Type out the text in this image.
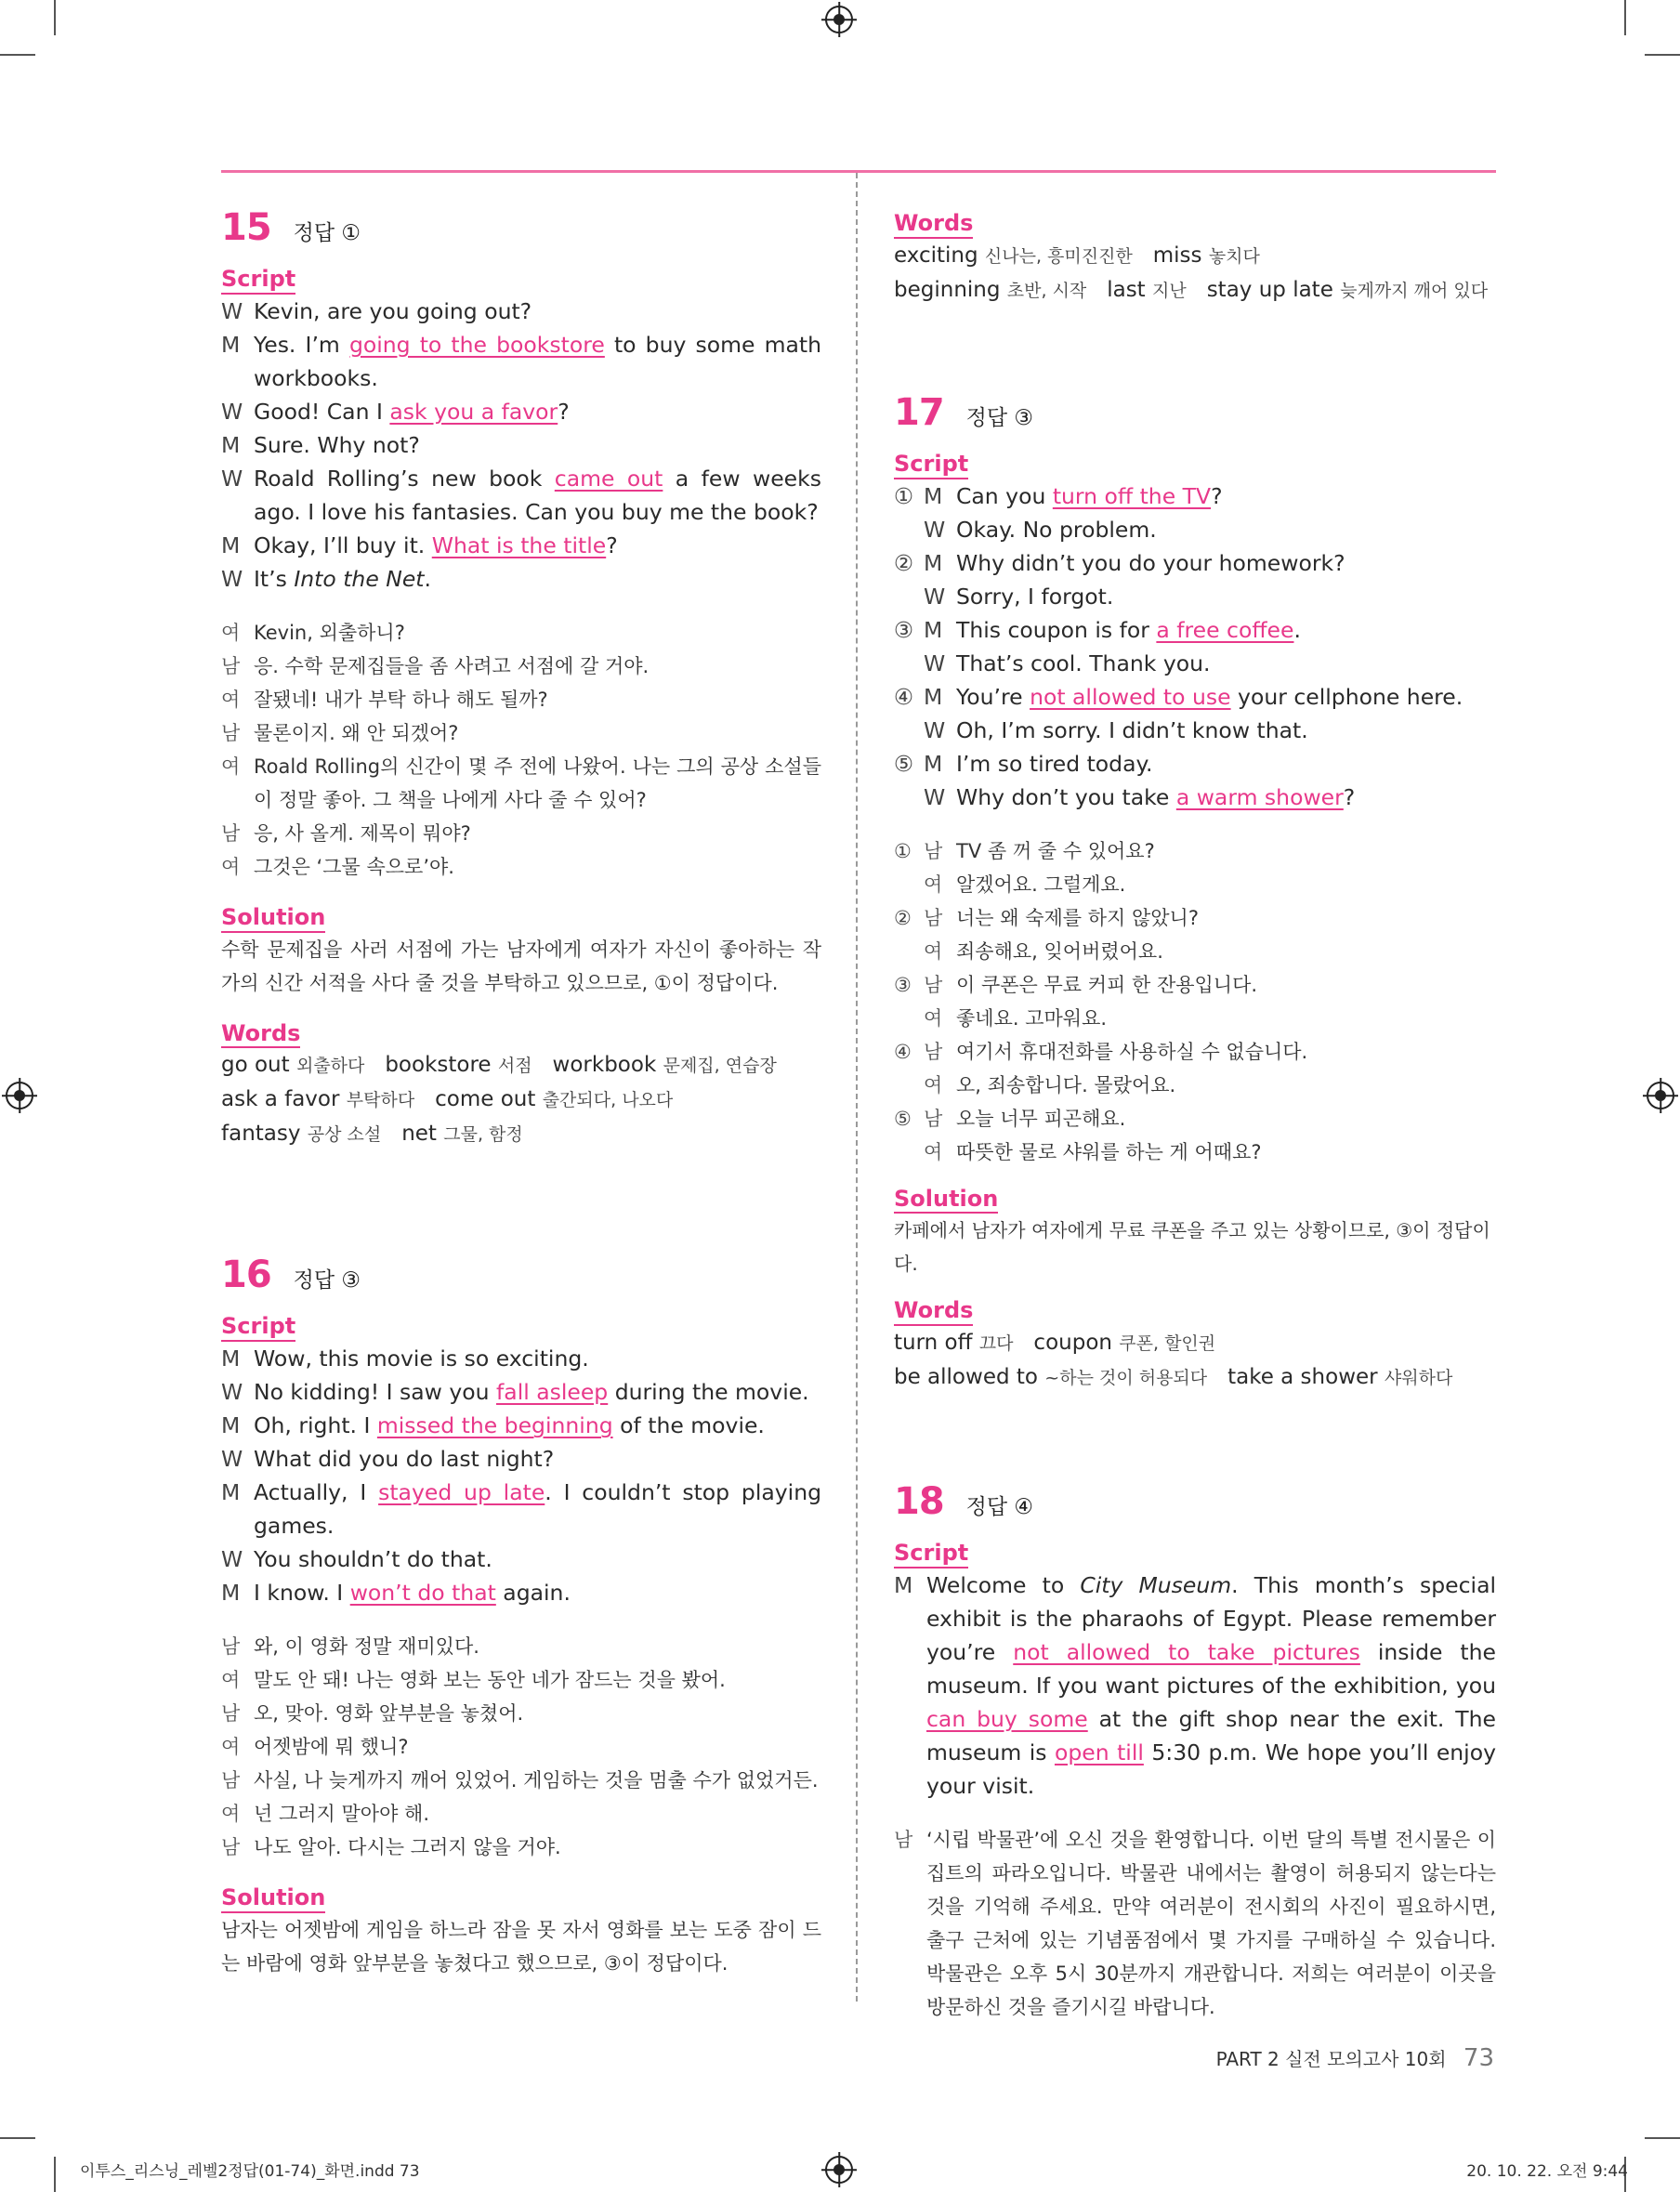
15 정답 ①
Script
W Kevin, are you going out?
M Yes. I’m going to the bookstore to buy some math workbooks.
W Good! Can I ask you a favor?
M Sure. Why not?
W Roald Rolling’s new book came out a few weeks ago. I love his fantasies. Can you buy me the book?
M Okay, I’ll buy it. What is the title?
W It’s Into the Net.
여 Kevin, 외출하니?
남 응. 수학 문제집들을 좀 사려고 서점에 갈 거야.
여 잘됐네! 내가 부탁 하나 해도 될까?
남 물론이지. 왜 안 되겠어?
여 Roald Rolling의 신간이 몇 주 전에 나왔어. 나는 그의 공상 소설들이 정말 좋아. 그 책을 나에게 사다 줄 수 있어?
남 응, 사 올게. 제목이 뭐야?
여 그것은 ‘그물 속으로’야.
Solution
수학 문제집을 사러 서점에 가는 남자에게 여자가 자신이 좋아하는 작가의 신간 서적을 사다 줄 것을 부탁하고 있으므로, ①이 정답이다.
Words
go out 외출하다 bookstore 서점 workbook 문제집, 연습장
ask a favor 부탁하다 come out 출간되다, 나오다
fantasy 공상 소설 net 그물, 함정
16 정답 ③
Script
M Wow, this movie is so exciting.
W No kidding! I saw you fall asleep during the movie.
M Oh, right. I missed the beginning of the movie.
W What did you do last night?
M Actually, I stayed up late. I couldn’t stop playing games.
W You shouldn’t do that.
M I know. I won’t do that again.
남 와, 이 영화 정말 재미있다.
여 말도 안 돼! 나는 영화 보는 동안 네가 잠드는 것을 봤어.
남 오, 맞아. 영화 앞부분을 놓쳤어.
여 어젯밤에 뭐 했니?
남 사실, 나 늦게까지 깨어 있었어. 게임하는 것을 멈출 수가 없었거든.
여 넌 그러지 말아야 해.
남 나도 알아. 다시는 그러지 않을 거야.
Solution
남자는 어젯밤에 게임을 하느라 잠을 못 자서 영화를 보는 도중 잠이 드는 바람에 영화 앞부분을 놓쳤다고 했으므로, ③이 정답이다.
Words
exciting 신나는, 흥미진진한 miss 놓치다
beginning 초반, 시작 last 지난 stay up late 늦게까지 깨어 있다
17 정답 ③
Script
① M Can you turn off the TV?
W Okay. No problem.
② M Why didn’t you do your homework?
W Sorry, I forgot.
③ M This coupon is for a free coffee.
W That’s cool. Thank you.
④ M You’re not allowed to use your cellphone here.
W Oh, I’m sorry. I didn’t know that.
⑤ M I’m so tired today.
W Why don’t you take a warm shower?
① 남 TV 좀 꺼 줄 수 있어요?
여 알겠어요. 그럴게요.
② 남 너는 왜 숙제를 하지 않았니?
여 죄송해요, 잊어버렸어요.
③ 남 이 쿠폰은 무료 커피 한 잔용입니다.
여 좋네요. 고마워요.
④ 남 여기서 휴대전화를 사용하실 수 없습니다.
여 오, 죄송합니다. 몰랐어요.
⑤ 남 오늘 너무 피곤해요.
여 따뜻한 물로 샤워를 하는 게 어때요?
Solution
카페에서 남자가 여자에게 무료 쿠폰을 주고 있는 상황이므로, ③이 정답이다.
Words
turn off 끄다 coupon 쿠폰, 할인권
be allowed to ~하는 것이 허용되다 take a shower 샤워하다
18 정답 ④
Script
M Welcome to City Museum. This month’s special exhibit is the pharaohs of Egypt. Please remember you’re not allowed to take pictures inside the museum. If you want pictures of the exhibition, you can buy some at the gift shop near the exit. The museum is open till 5:30 p.m. We hope you’ll enjoy your visit.
남 ‘시립 박물관’에 오신 것을 환영합니다. 이번 달의 특별 전시물은 이집트의 파라오입니다. 박물관 내에서는 촬영이 허용되지 않는다는 것을 기억해 주세요. 만약 여러분이 전시회의 사진이 필요하시면, 출구 근처에 있는 기념품점에서 몇 가지를 구매하실 수 있습니다. 박물관은 오후 5시 30분까지 개관합니다. 저희는 여러분이 이곳을 방문하신 것을 즐기시길 바랍니다.
PART 2 실전 모의고사 10회 73
이투스_리스닝_레벨2정답(01-74)_화면.indd 73	20. 10. 22. 오전 9:44
